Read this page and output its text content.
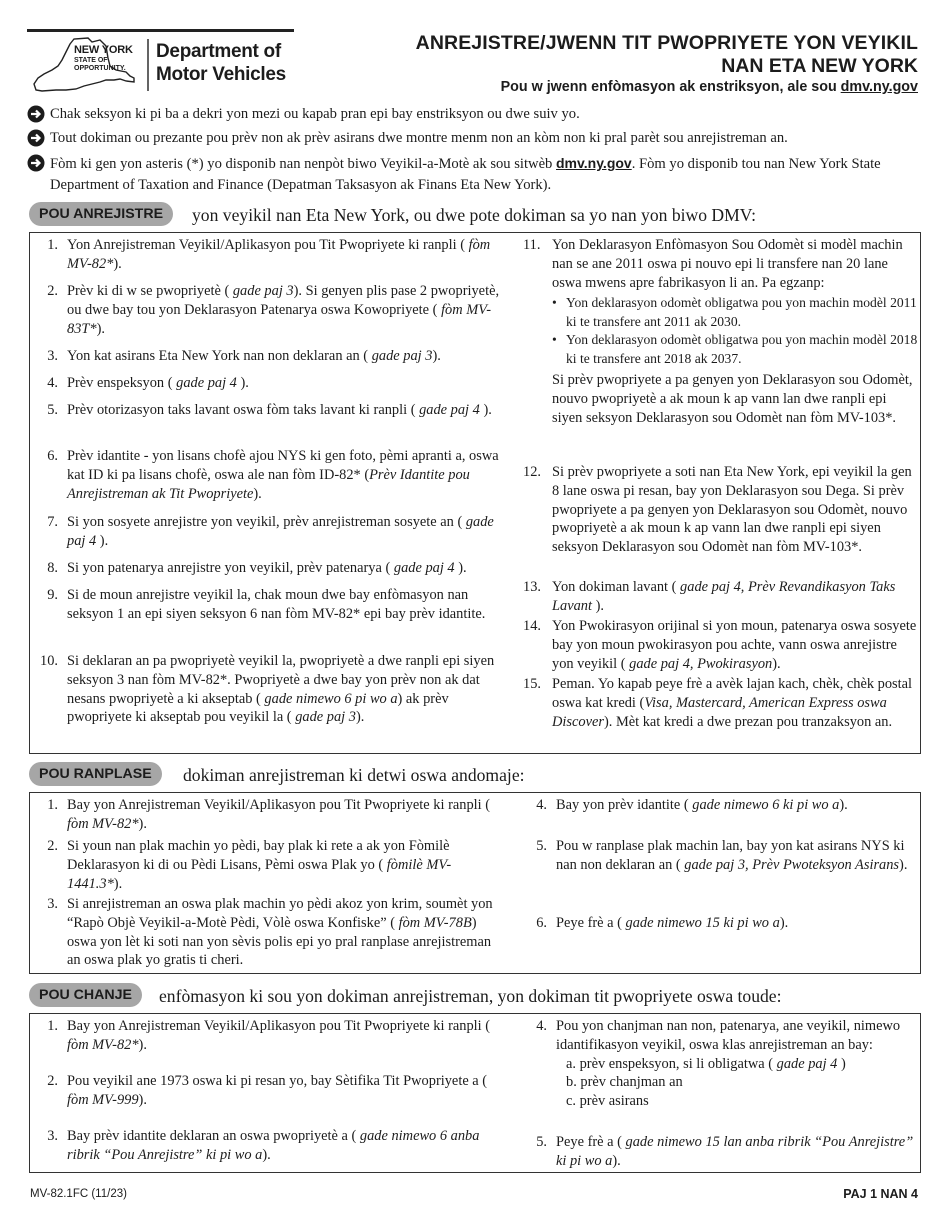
NEW YORK
STATE OF
OPPORTUNITY.
Department of
Motor Vehicles
ANREJISTRE/JWENN TIT PWOPRIYETE YON VEYIKIL
NAN ETA NEW YORK
Pou w jwenn enfòmasyon ak enstriksyon, ale sou dmv.ny.gov
Chak seksyon ki pi ba a dekri yon mezi ou kapab pran epi bay enstriksyon ou dwe suiv yo.
Tout dokiman ou prezante pou prèv non ak prèv asirans dwe montre menm non an kòm non ki pral parèt sou anrejistreman an.
Fòm ki gen yon asteris (*) yo disponib nan nenpòt biwo Veyikil-a-Motè ak sou sitwèb dmv.ny.gov. Fòm yo disponib tou nan New York State Department of Taxation and Finance (Depatman Taksasyon ak Finans Eta New York).
POU ANREJISTRE	yon veyikil nan Eta New York, ou dwe pote dokiman sa yo nan yon biwo DMV:
1. Yon Anrejistreman Veyikil/Aplikasyon pou Tit Pwopriyete ki ranpli ( fòm MV-82*).
2. Prèv ki di w se pwopriyetè ( gade paj 3). Si genyen plis pase 2 pwopriyetè, ou dwe bay tou yon Deklarasyon Patenarya oswa Kowopriyete ( fòm MV-83T*).
3. Yon kat asirans Eta New York nan non deklaran an ( gade paj 3).
4. Prèv enspeksyon ( gade paj 4 ).
5. Prèv otorizasyon taks lavant oswa fòm taks lavant ki ranpli ( gade paj 4 ).
6. Prèv idantite - yon lisans chofè ajou NYS ki gen foto, pèmi apranti a, oswa kat ID ki pa lisans chofè, oswa ale nan fòm ID-82* (Prèv Idantite pou Anrejistreman ak Tit Pwopriyete).
7. Si yon sosyete anrejistre yon veyikil, prèv anrejistreman sosyete an ( gade paj 4 ).
8. Si yon patenarya anrejistre yon veyikil, prèv patenarya ( gade paj 4 ).
9. Si de moun anrejistre veyikil la, chak moun dwe bay enfòmasyon nan seksyon 1 an epi siyen seksyon 6 nan fòm MV-82* epi bay prèv idantite.
10. Si deklaran an pa pwopriyetè veyikil la, pwopriyetè a dwe ranpli epi siyen seksyon 3 nan fòm MV-82*. Pwopriyetè a dwe bay yon prèv non ak dat nesans pwopriyetè a ki akseptab ( gade nimewo 6 pi wo a) ak prèv pwopriyete ki akseptab pou veyikil la ( gade paj 3).
11. Yon Deklarasyon Enfòmasyon Sou Odomèt si modèl machin nan se ane 2011 oswa pi nouvo epi li transfere nan 20 lane oswa mwens apre fabrikasyon li an. Pa egzanp:
• Yon deklarasyon odomèt obligatwa pou yon machin modèl 2011 ki te transfere ant 2011 ak 2030.
• Yon deklarasyon odomèt obligatwa pou yon machin modèl 2018 ki te transfere ant 2018 ak 2037.
Si prèv pwopriyete a pa genyen yon Deklarasyon sou Odomèt, nouvo pwopriyetè a ak moun k ap vann lan dwe ranpli epi siyen seksyon Deklarasyon sou Odomèt nan fòm MV-103*.
12. Si prèv pwopriyete a soti nan Eta New York, epi veyikil la gen 8 lane oswa pi resan, bay yon Deklarasyon sou Dega. Si prèv pwopriyete a pa genyen yon Deklarasyon sou Odomèt, nouvo pwopriyetè a ak moun k ap vann lan dwe ranpli epi siyen seksyon Deklarasyon sou Odomèt nan fòm MV-103*.
13. Yon dokiman lavant ( gade paj 4, Prèv Revandikasyon Taks Lavant ).
14. Yon Pwokirasyon orijinal si yon moun, patenarya oswa sosyete bay yon moun pwokirasyon pou achte, vann oswa anrejistre yon veyikil ( gade paj 4, Pwokirasyon).
15. Peman. Yo kapab peye frè a avèk lajan kach, chèk, chèk postal oswa kat kredi (Visa, Mastercard, American Express oswa Discover). Mèt kat kredi a dwe prezan pou tranzaksyon an.
POU RANPLASE	dokiman anrejistreman ki detwi oswa andomaje:
1. Bay yon Anrejistreman Veyikil/Aplikasyon pou Tit Pwopriyete ki ranpli ( fòm MV-82*).
2. Si youn nan plak machin yo pèdi, bay plak ki rete a ak yon Fòmilè Deklarasyon ki di ou Pèdi Lisans, Pèmi oswa Plak yo ( fòmilè MV-1441.3*).
3. Si anrejistreman an oswa plak machin yo pèdi akoz yon krim, soumèt yon “Rapò Objè Veyikil-a-Motè Pèdi, Vòlè oswa Konfiske” ( fòm MV-78B) oswa yon lèt ki soti nan yon sèvis polis epi yo pral ranplase anrejistreman an oswa plak yo gratis ti cheri.
4. Bay yon prèv idantite ( gade nimewo 6 ki pi wo a).
5. Pou w ranplase plak machin lan, bay yon kat asirans NYS ki nan non deklaran an ( gade paj 3, Prèv Pwoteksyon Asirans).
6. Peye frè a ( gade nimewo 15 ki pi wo a).
POU CHANJE	enfòmasyon ki sou yon dokiman anrejistreman, yon dokiman tit pwopriyete oswa toude:
1. Bay yon Anrejistreman Veyikil/Aplikasyon pou Tit Pwopriyete ki ranpli ( fòm MV-82*).
2. Pou veyikil ane 1973 oswa ki pi resan yo, bay Sètifika Tit Pwopriyete a ( fòm MV-999).
3. Bay prèv idantite deklaran an oswa pwopriyetè a ( gade nimewo 6 anba ribrik “Pou Anrejistre” ki pi wo a).
4. Pou yon chanjman nan non, patenarya, ane veyikil, nimewo idantifikasyon veyikil, oswa klas anrejistreman an bay:
a. prèv enspeksyon, si li obligatwa ( gade paj 4 )
b. prèv chanjman an
c. prèv asirans
5. Peye frè a ( gade nimewo 15 lan anba ribrik “Pou Anrejistre” ki pi wo a).
MV-82.1FC (11/23)	PAJ 1 NAN 4
